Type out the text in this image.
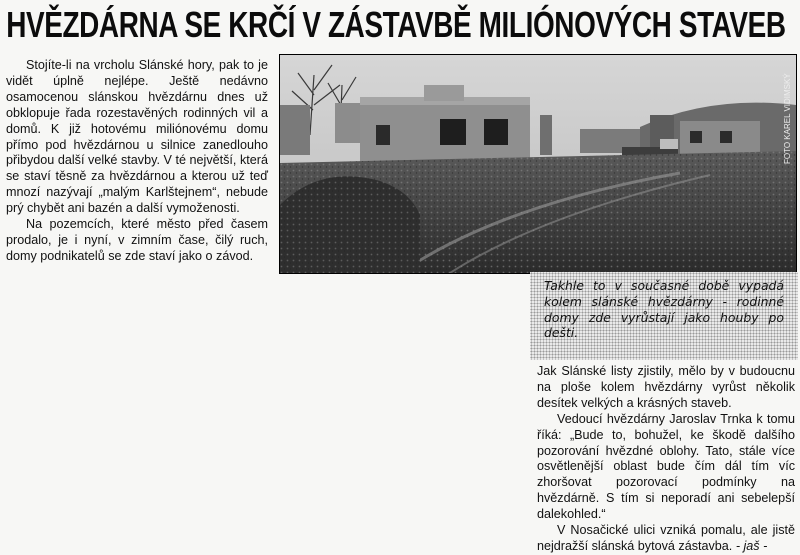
HVĚZDÁRNA SE KRČÍ V ZÁSTAVBĚ MILIÓNOVÝCH STAVEB

Stojíte-li na vrcholu Slánské hory, pak to je vidět úplně nejlépe. Ještě nedávno osamocenou slánskou hvězdárnu dnes už obklopuje řada rozestavěných rodinných vil a domů. K již hotovému miliónovému domu přímo pod hvězdárnou u silnice zanedlouho přibydou další velké stavby. V té největší, která se staví těsně za hvězdárnou a kterou už teď mnozí nazývají „malým Karlštejnem“, nebude prý chybět ani bazén a další vymoženosti.

Na pozemcích, které město před časem prodalo, je i nyní, v zimním čase, čilý ruch, domy podnikatelů se zde staví jako o závod.

Takhle to v současné době vypadá kolem slánské hvězdárny - rodinné domy zde vyrůstají jako houby po dešti.

Jak Slánské listy zjistily, mělo by v budoucnu na ploše kolem hvězdárny vyrůst několik desítek velkých a krásných staveb.

Vedoucí hvězdárny Jaroslav Trnka k tomu říká: „Bude to, bohužel, ke škodě dalšího pozorování hvězdné oblohy. Tato, stále více osvětlenější oblast bude čím dál tím víc zhoršovat pozorovací podmínky na hvězdárně. S tím si neporadí ani sebelepší dalekohled.“

V Nosačické ulici vzniká pomalu, ale jistě nejdražší slánská bytová zástavba. - jaš -
